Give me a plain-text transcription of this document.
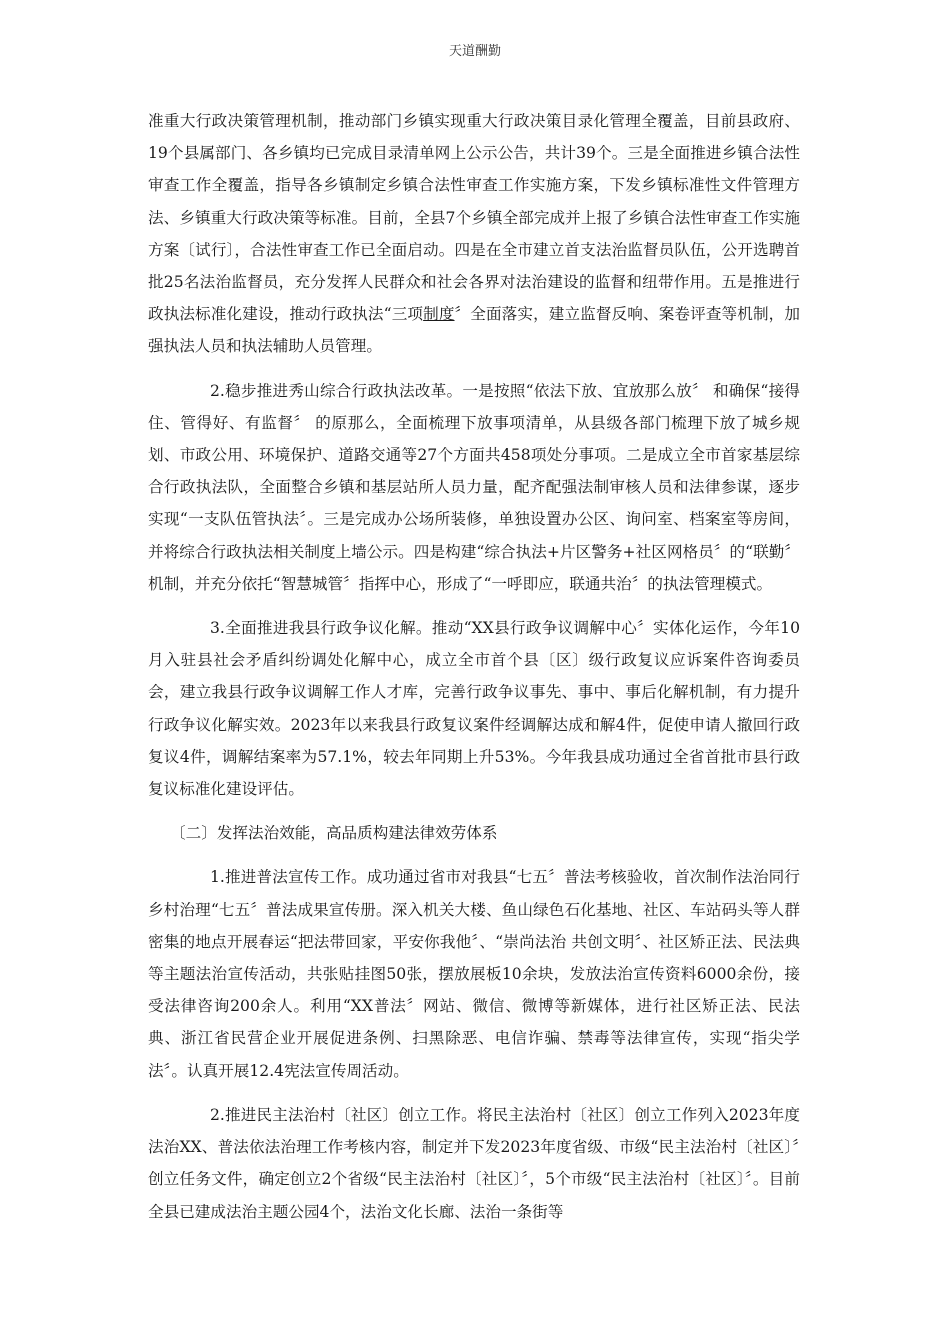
天道酬勤

准重大行政决策管理机制，推动部门乡镇实现重大行政决策目录化管理全覆盖，目前县政府、19个县属部门、各乡镇均已完成目录清单网上公示公告，共计39个。三是全面推进乡镇合法性审查工作全覆盖，指导各乡镇制定乡镇合法性审查工作实施方案，下发乡镇标准性文件管理方法、乡镇重大行政决策等标准。目前，全县7个乡镇全部完成并上报了乡镇合法性审查工作实施方案〔试行〕，合法性审查工作已全面启动。四是在全市建立首支法治监督员队伍，公开选聘首批25名法治监督员，充分发挥人民群众和社会各界对法治建设的监督和纽带作用。五是推进行政执法标准化建设，推动行政执法“三项制度〞全面落实，建立监督反响、案卷评查等机制，加强执法人员和执法辅助人员管理。

2.稳步推进秀山综合行政执法改革。一是按照“依法下放、宜放那么放〞 和确保“接得住、管得好、有监督〞 的原那么，全面梳理下放事项清单，从县级各部门梳理下放了城乡规划、市政公用、环境保护、道路交通等27个方面共458项处分事项。二是成立全市首家基层综合行政执法队，全面整合乡镇和基层站所人员力量，配齐配强法制审核人员和法律参谋，逐步实现“一支队伍管执法〞。三是完成办公场所装修，单独设置办公区、询问室、档案室等房间，并将综合行政执法相关制度上墙公示。四是构建“综合执法+片区警务+社区网格员〞的“联勤〞机制，并充分依托“智慧城管〞指挥中心，形成了“一呼即应，联通共治〞的执法管理模式。

3.全面推进我县行政争议化解。推动“XX县行政争议调解中心〞实体化运作，今年10月入驻县社会矛盾纠纷调处化解中心，成立全市首个县〔区〕级行政复议应诉案件咨询委员会，建立我县行政争议调解工作人才库，完善行政争议事先、事中、事后化解机制，有力提升行政争议化解实效。2023年以来我县行政复议案件经调解达成和解4件，促使申请人撤回行政复议4件，调解结案率为57.1%，较去年同期上升53%。今年我县成功通过全省首批市县行政复议标准化建设评估。

〔二〕发挥法治效能，高品质构建法律效劳体系

1.推进普法宣传工作。成功通过省市对我县“七五〞普法考核验收，首次制作法治同行 乡村治理“七五〞普法成果宣传册。深入机关大楼、鱼山绿色石化基地、社区、车站码头等人群密集的地点开展春运“把法带回家，平安你我他〞、“崇尚法治 共创文明〞、社区矫正法、民法典等主题法治宣传活动，共张贴挂图50张，摆放展板10余块，发放法治宣传资料6000余份，接受法律咨询200余人。利用“XX普法〞网站、微信、微博等新媒体，进行社区矫正法、民法典、浙江省民营企业开展促进条例、扫黑除恶、电信诈骗、禁毒等法律宣传，实现“指尖学法〞。认真开展12.4宪法宣传周活动。

2.推进民主法治村〔社区〕创立工作。将民主法治村〔社区〕创立工作列入2023年度法治XX、普法依法治理工作考核内容，制定并下发2023年度省级、市级“民主法治村〔社区〕〞创立任务文件，确定创立2个省级“民主法治村〔社区〕〞，5个市级“民主法治村〔社区〕〞。目前全县已建成法治主题公园4个，法治文化长廊、法治一条街等
